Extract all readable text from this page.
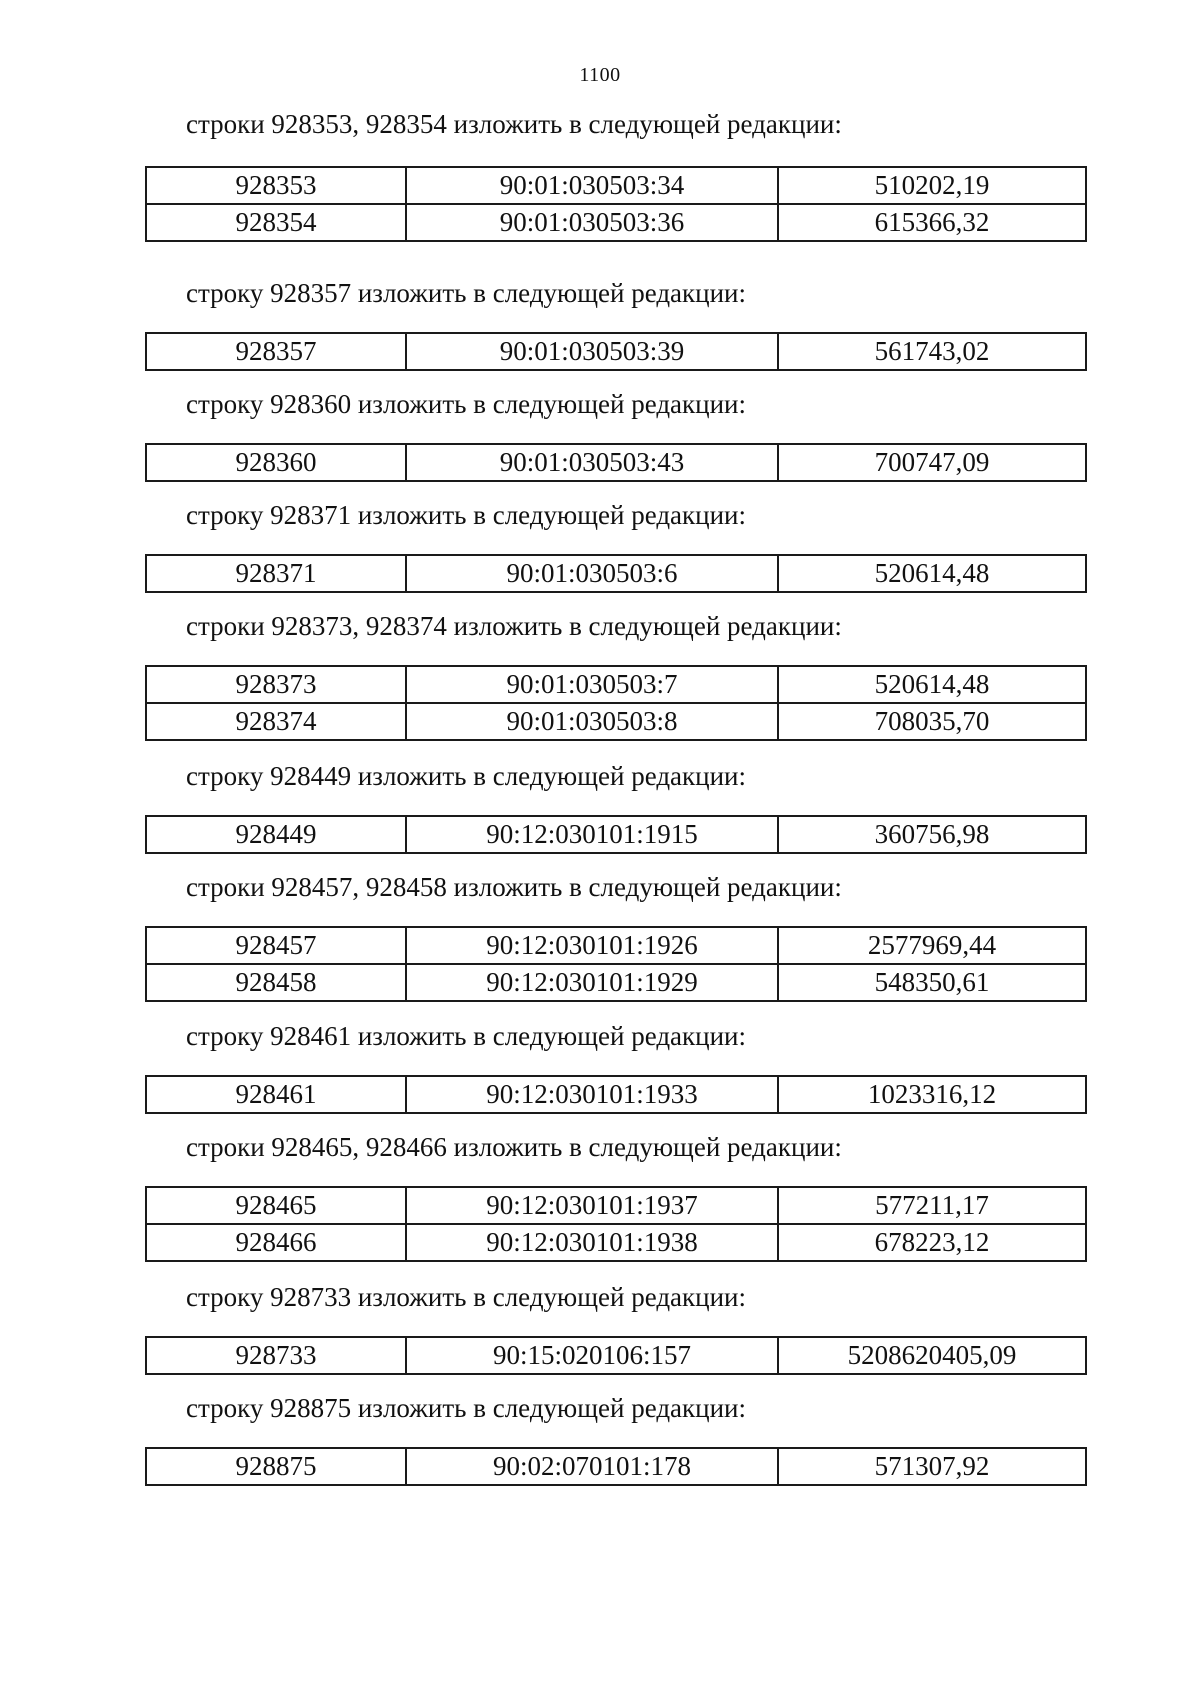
1100
строки 928353, 928354 изложить в следующей редакции:
928353	90:01:030503:34	510202,19
928354	90:01:030503:36	615366,32
строку 928357 изложить в следующей редакции:
928357	90:01:030503:39	561743,02
строку 928360 изложить в следующей редакции:
928360	90:01:030503:43	700747,09
строку 928371 изложить в следующей редакции:
928371	90:01:030503:6	520614,48
строки 928373, 928374 изложить в следующей редакции:
928373	90:01:030503:7	520614,48
928374	90:01:030503:8	708035,70
строку 928449 изложить в следующей редакции:
928449	90:12:030101:1915	360756,98
строки 928457, 928458 изложить в следующей редакции:
928457	90:12:030101:1926	2577969,44
928458	90:12:030101:1929	548350,61
строку 928461 изложить в следующей редакции:
928461	90:12:030101:1933	1023316,12
строки 928465, 928466 изложить в следующей редакции:
928465	90:12:030101:1937	577211,17
928466	90:12:030101:1938	678223,12
строку 928733 изложить в следующей редакции:
928733	90:15:020106:157	5208620405,09
строку 928875 изложить в следующей редакции:
928875	90:02:070101:178	571307,92
